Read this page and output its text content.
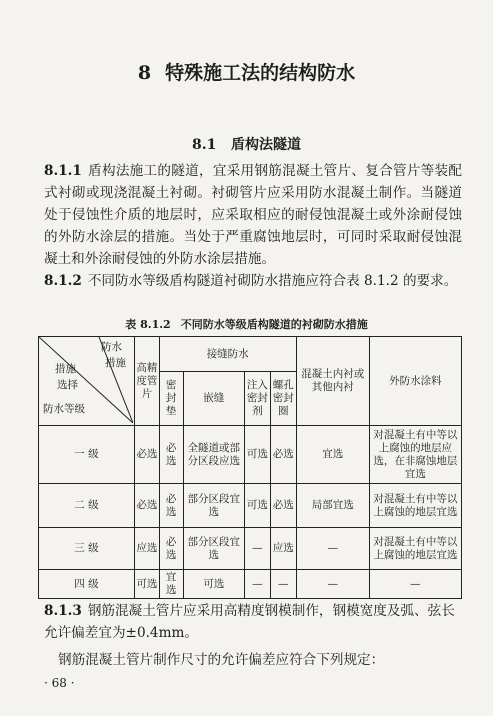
8 特殊施工法的结构防水
8.1 盾构法隧道
8.1.1 盾构法施工的隧道，宜采用钢筋混凝土管片、复合管片等装配式衬砌或现浇混凝土衬砌。衬砌管片应采用防水混凝土制作。当隧道处于侵蚀性介质的地层时，应采取相应的耐侵蚀混凝土或外涂耐侵蚀的外防水涂层的措施。当处于严重腐蚀地层时，可同时采取耐侵蚀混凝土和外涂耐侵蚀的外防水涂层措施。
8.1.2 不同防水等级盾构隧道衬砌防水措施应符合表 8.1.2 的要求。
表 8.1.2 不同防水等级盾构隧道的衬砌防水措施
防水
措施
措施
选择
防水等级	高精度管片	接缝防水				混凝土内衬或其他内衬	外防水涂料
		密封垫	嵌缝	注入密封剂	螺孔密封圈		
一 级	必选	必选	全隧道或部分区段应选	可选	必选	宜选	对混凝土有中等以上腐蚀的地层应选，在非腐蚀地层宜选
二 级	必选	必选	部分区段宜选	可选	必选	局部宜选	对混凝土有中等以上腐蚀的地层宜选
三 级	应选	必选	部分区段宜选	—	应选	—	对混凝土有中等以上腐蚀的地层宜选
四 级	可选	宜选	可选	—	—	—	—
8.1.3 钢筋混凝土管片应采用高精度钢模制作，钢模宽度及弧、弦长允许偏差宜为±0.4mm。
钢筋混凝土管片制作尺寸的允许偏差应符合下列规定：
· 68 ·
